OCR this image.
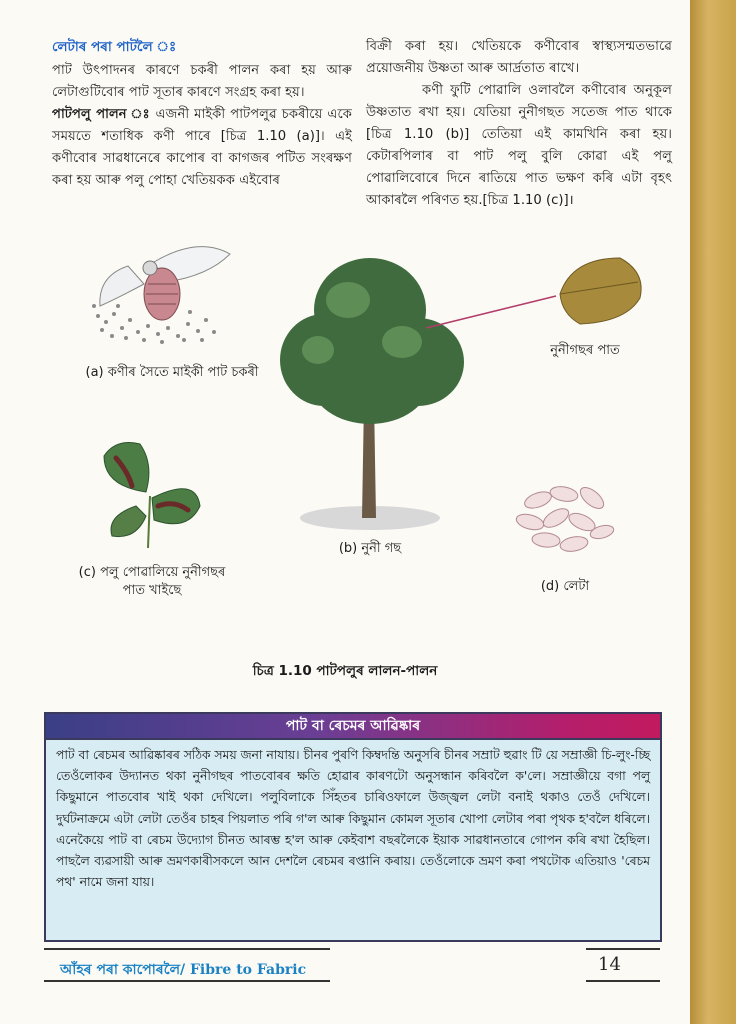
লেটাৰ পৰা পাটলৈ ঃ

পাট উৎপাদনৰ কাৰণে চকৰী পালন কৰা হয় আৰু লেটাগুটিবোৰ পাট সূতাৰ কাৰণে সংগ্ৰহ কৰা হয়।

পাটপলু পালন ঃ এজনী মাইকী পাটপলুৱ চকৰীয়ে একে সময়তে শতাধিক কণী পাৰে [চিত্ৰ 1.10 (a)]। এই কণীবোৰ সাৱধানেৰে কাপোৰ বা কাগজৰ পটিত সংৰক্ষণ কৰা হয় আৰু পলু পোহা খেতিয়কক এইবোৰ

বিক্ৰী কৰা হয়। খেতিয়কে কণীবোৰ স্বাস্থ্যসন্মতভাৱে প্ৰয়োজনীয় উষ্ণতা আৰু আৰ্দ্ৰতাত ৰাখে।

কণী ফুটি পোৱালি ওলাবলৈ কণীবোৰ অনুকূল উষ্ণতাত ৰখা হয়। যেতিয়া নুনীগছত সতেজ পাত থাকে [চিত্ৰ 1.10 (b)] তেতিয়া এই কামখিনি কৰা হয়। কেটাৰপিলাৰ বা পাট পলু বুলি কোৱা এই পলু পোৱালিবোৰে দিনে ৰাতিয়ে পাত ভক্ষণ কৰি এটা বৃহৎ আকাৰলৈ পৰিণত হয়.[চিত্ৰ 1.10 (c)]।

(a) কণীৰ সৈতে মাইকী পাট চকৰী
(b) নুনী গছ
নুনীগছৰ পাত
(c) পলু পোৱালিয়ে নুনীগছৰ
পাত খাইছে	(d) লেটা
চিত্ৰ 1.10 পাটপলুৰ লালন-পালন
পাট বা ৰেচমৰ আৱিষ্কাৰ
পাট বা ৰেচমৰ আৱিষ্কাৰৰ সঠিক সময় জনা নাযায়। চীনৰ পুৰণি কিম্বদন্তি অনুসৰি চীনৰ সম্ৰাট হুৱাং টি য়ে সম্ৰাজ্ঞী চি-লুং-চ্ছি তেওঁলোকৰ উদ্যানত থকা নুনীগছৰ পাতবোৰৰ ক্ষতি হোৱাৰ কাৰণটো অনুসন্ধান কৰিবলৈ ক'লে। সম্ৰাজ্ঞীয়ে বগা পলু কিছুমানে পাতবোৰ খাই থকা দেখিলে। পলুবিলাকে সিঁহতৰ চাৰিওফালে উজ্জ্বল লেটা বনাই থকাও তেওঁ দেখিলে। দুৰ্ঘটনাক্ৰমে এটা লেটা তেওঁৰ চাহৰ পিয়লাত পৰি গ'ল আৰু কিছুমান কোমল সূতাৰ খোপা লেটাৰ পৰা পৃথক হ'বলৈ ধৰিলে। এনেকৈয়ে পাট বা ৰেচম উদ্যোগ চীনত আৰম্ভ হ'ল আৰু কেইবাশ বছৰলৈকে ইয়াক সাৱধানতাৰে গোপন কৰি ৰখা হৈছিল। পাছলৈ ব্যৱসায়ী আৰু ভ্ৰমণকাৰীসকলে আন দেশলৈ ৰেচমৰ ৰপ্তানি কৰায়। তেওঁলোকে ভ্ৰমণ কৰা পথটোক এতিয়াও 'ৰেচম পথ' নামে জনা যায়।
আঁহৰ পৰা কাপোৰলৈ/ Fibre to Fabric	14
